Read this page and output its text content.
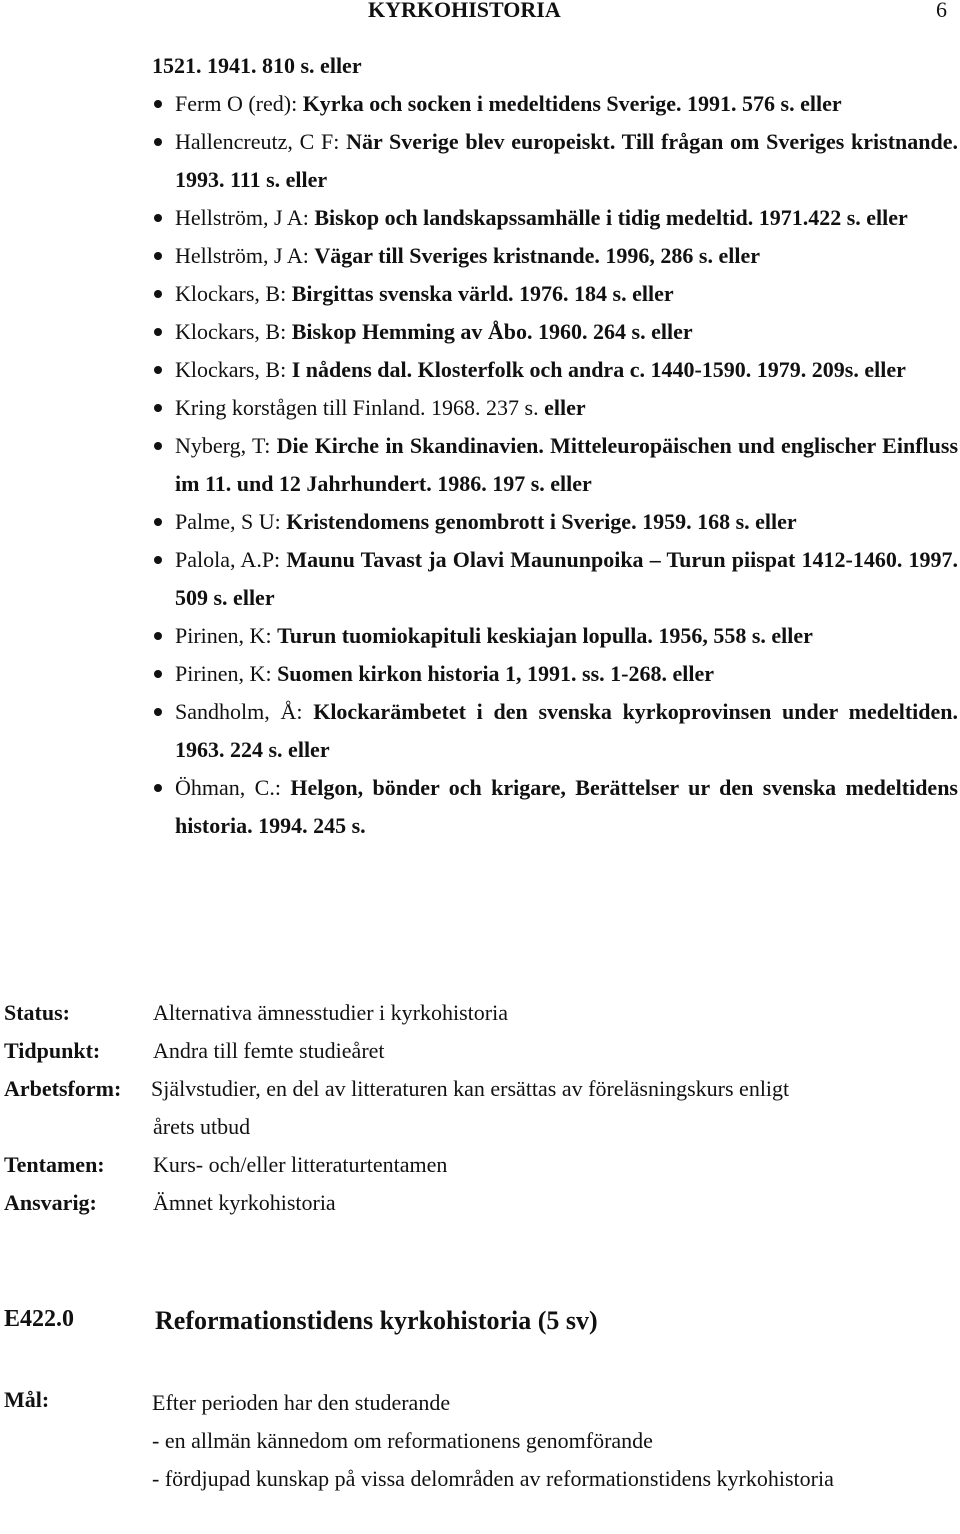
KYRKOHISTORIA	6

1521. 1941. 810 s. eller

Ferm O (red): Kyrka och socken i medeltidens Sverige. 1991. 576 s. eller

Hallencreutz, C F: När Sverige blev europeiskt. Till frågan om Sveriges kristnande. 1993. 111 s. eller

Hellström, J A: Biskop och landskapssamhälle i tidig medeltid. 1971.422 s. eller

Hellström, J A: Vägar till Sveriges kristnande. 1996, 286 s. eller

Klockars, B: Birgittas svenska värld. 1976. 184 s. eller

Klockars, B: Biskop Hemming av Åbo. 1960. 264 s. eller

Klockars, B: I nådens dal. Klosterfolk och andra c. 1440-1590. 1979. 209s. eller

Kring korstågen till Finland. 1968. 237 s. eller

Nyberg, T: Die Kirche in Skandinavien. Mitteleuropäischen und englischer Einfluss im 11. und 12 Jahrhundert. 1986. 197 s. eller

Palme, S U: Kristendomens genombrott i Sverige. 1959. 168 s. eller

Palola, A.P: Maunu Tavast ja Olavi Maununpoika – Turun piispat 1412-1460. 1997. 509 s. eller

Pirinen, K: Turun tuomiokapituli keskiajan lopulla. 1956, 558 s. eller

Pirinen, K: Suomen kirkon historia 1, 1991. ss. 1-268. eller

Sandholm, Å: Klockarämbetet i den svenska kyrkoprovinsen under medeltiden. 1963. 224 s. eller

Öhman, C.: Helgon, bönder och krigare, Berättelser ur den svenska medeltidens historia. 1994. 245 s.

Status:	Alternativa ämnesstudier i kyrkohistoria
Tidpunkt: Andra till femte studieåret
Arbetsform: Självstudier, en del av litteraturen kan ersättas av föreläsningskurs enligt
årets utbud
Tentamen: Kurs- och/eller litteraturtentamen
Ansvarig:	Ämnet kyrkohistoria
E422.0	Reformationstidens kyrkohistoria (5 sv)
Mål:	Efter perioden har den studerande

- en allmän kännedom om reformationens genomförande

- fördjupad kunskap på vissa delområden av reformationstidens kyrkohistoria
